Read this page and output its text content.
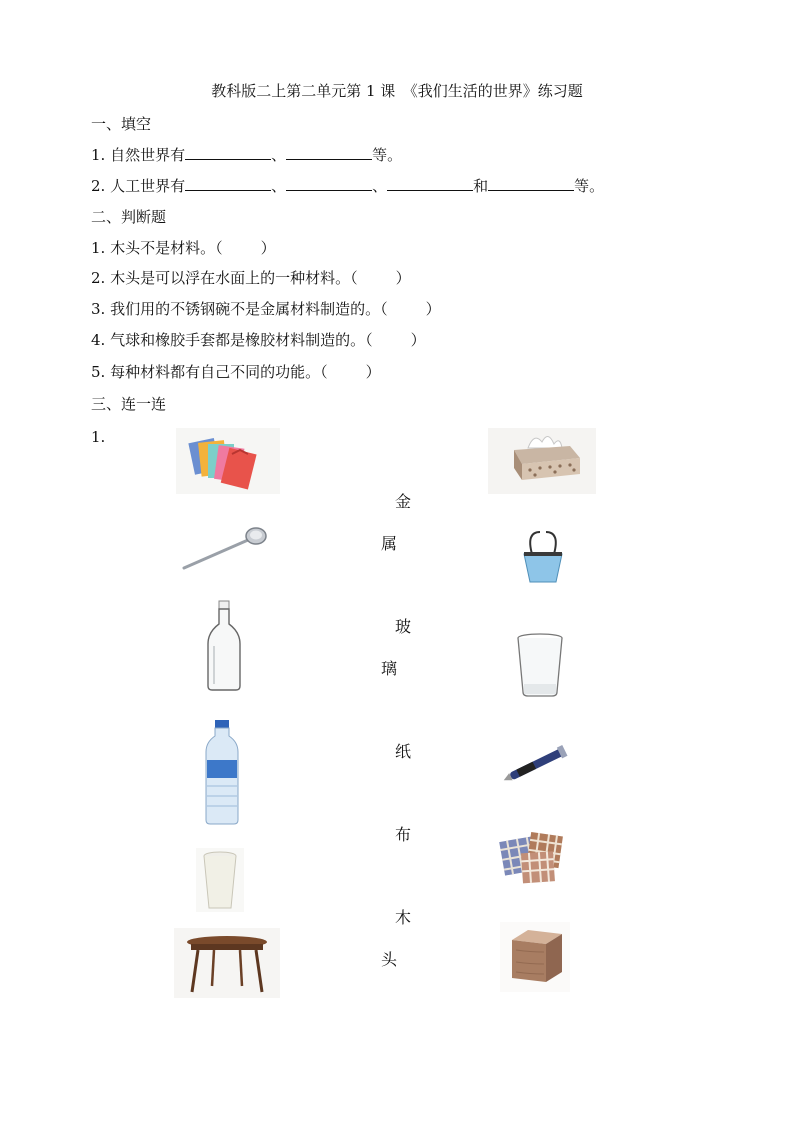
教科版二上第二单元第 1 课　《我们生活的世界》练习题
一、填空
1. 自然世界有	、	等。
2. 人工世界有	、	、	和	等。
二、判断题
1. 木头不是材料。（	）
2. 木头是可以浮在水面上的一种材料。（	）
3. 我们用的不锈钢碗不是金属材料制造的。（	）
4. 气球和橡胶手套都是橡胶材料制造的。（	）
5. 每种材料都有自己不同的功能。（	）
三、连一连
1.
金
属
玻
璃
纸
布
木
头
